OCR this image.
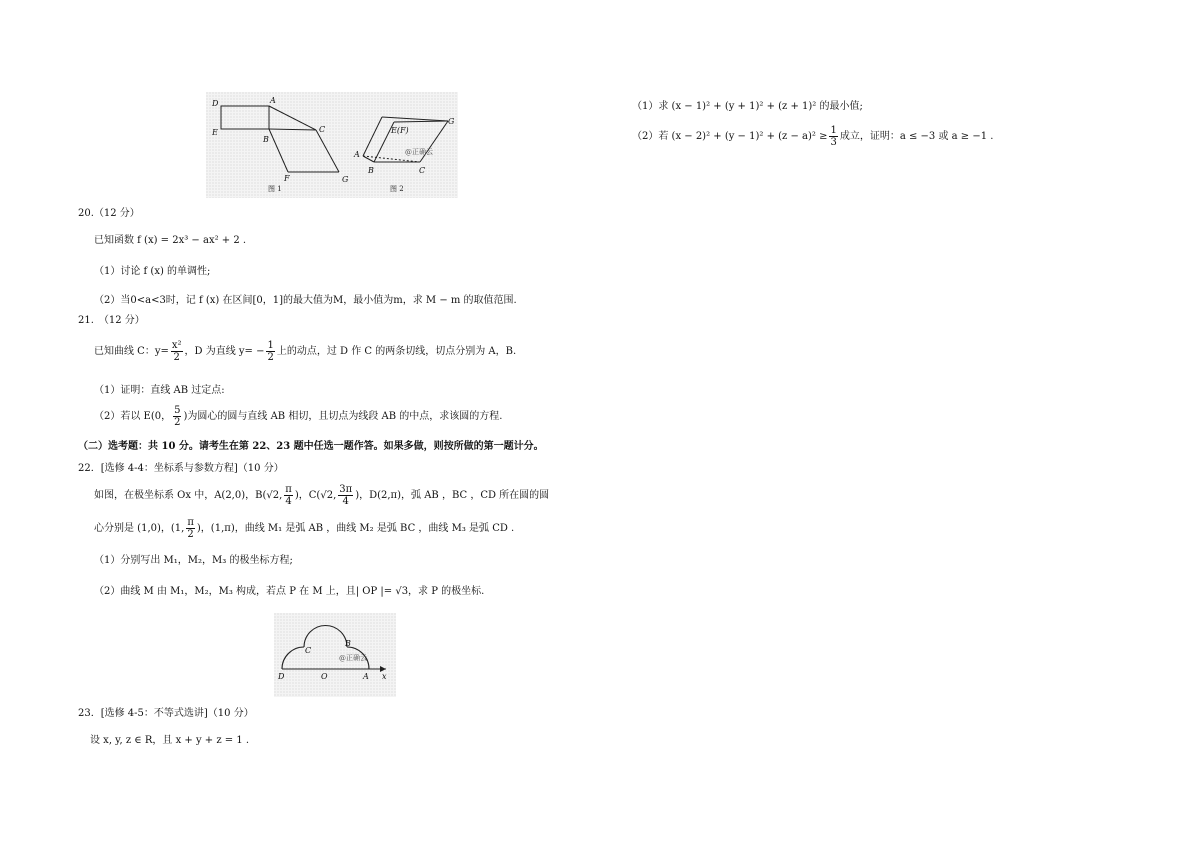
D	A
E
B
C
F	G
图 1
E(F)
G
A
B	C
@正确云
图 2
20.（12 分）
已知函数 f (x) = 2x³ − ax² + 2 .
（1）讨论 f (x) 的单调性;
（2）当0<a<3时，记 f (x) 在区间[0，1]的最大值为M，最小值为m，求 M − m 的取值范围.
21.　（12 分）
已知曲线 C：$y= \frac{\text{x²}}{2}$ ，D 为直线 $y= - \frac{1}{2}$ 上的动点，过 D 作 C 的两条切线，切点分别为 A，B.
（1）证明：直线 AB 过定点:
（2）若以 E(0， $\frac{5}{2}$ )为圆心的圆与直线 AB 相切，且切点为线段 AB 的中点，求该圆的方程.
（二）选考题：共 10 分。请考生在第 22、23 题中任选一题作答。如果多做，则按所做的第一题计分。
22．[选修 4-4：坐标系与参数方程]（10 分）
如图，在极坐标系 Ox 中，A(2,0)，B(√2, $\frac{\pi}{4}$ )，C(√2, $\frac{3\pi}{4}$ )，D(2,π)，弧 AB ，BC ，CD 所在圆的圆
心分别是 (1,0)，(1, $\frac{\pi}{2}$ )，(1,π)，曲线 M₁ 是弧 AB ，曲线 M₂ 是弧 BC ，曲线 M₃ 是弧 CD .
（1）分别写出 M₁，M₂，M₃ 的极坐标方程;
（2）曲线 M 由 M₁，M₂，M₃ 构成，若点 P 在 M 上，且| OP |= √3，求 P 的极坐标.
C
B
D	O	A x
@正确云
23．[选修 4-5：不等式选讲]（10 分）
设 x, y, z ∈ R，且 x + y + z = 1 .
（1）求 (x − 1)² + (y + 1)² + (z + 1)² 的最小值;
（2）若 $(x - 2)^2 + (y - 1)^2 + (z - a)^2 \ge \frac{1}{3}$ 成立，证明：a ≤ −3 或 a ≥ −1 .
